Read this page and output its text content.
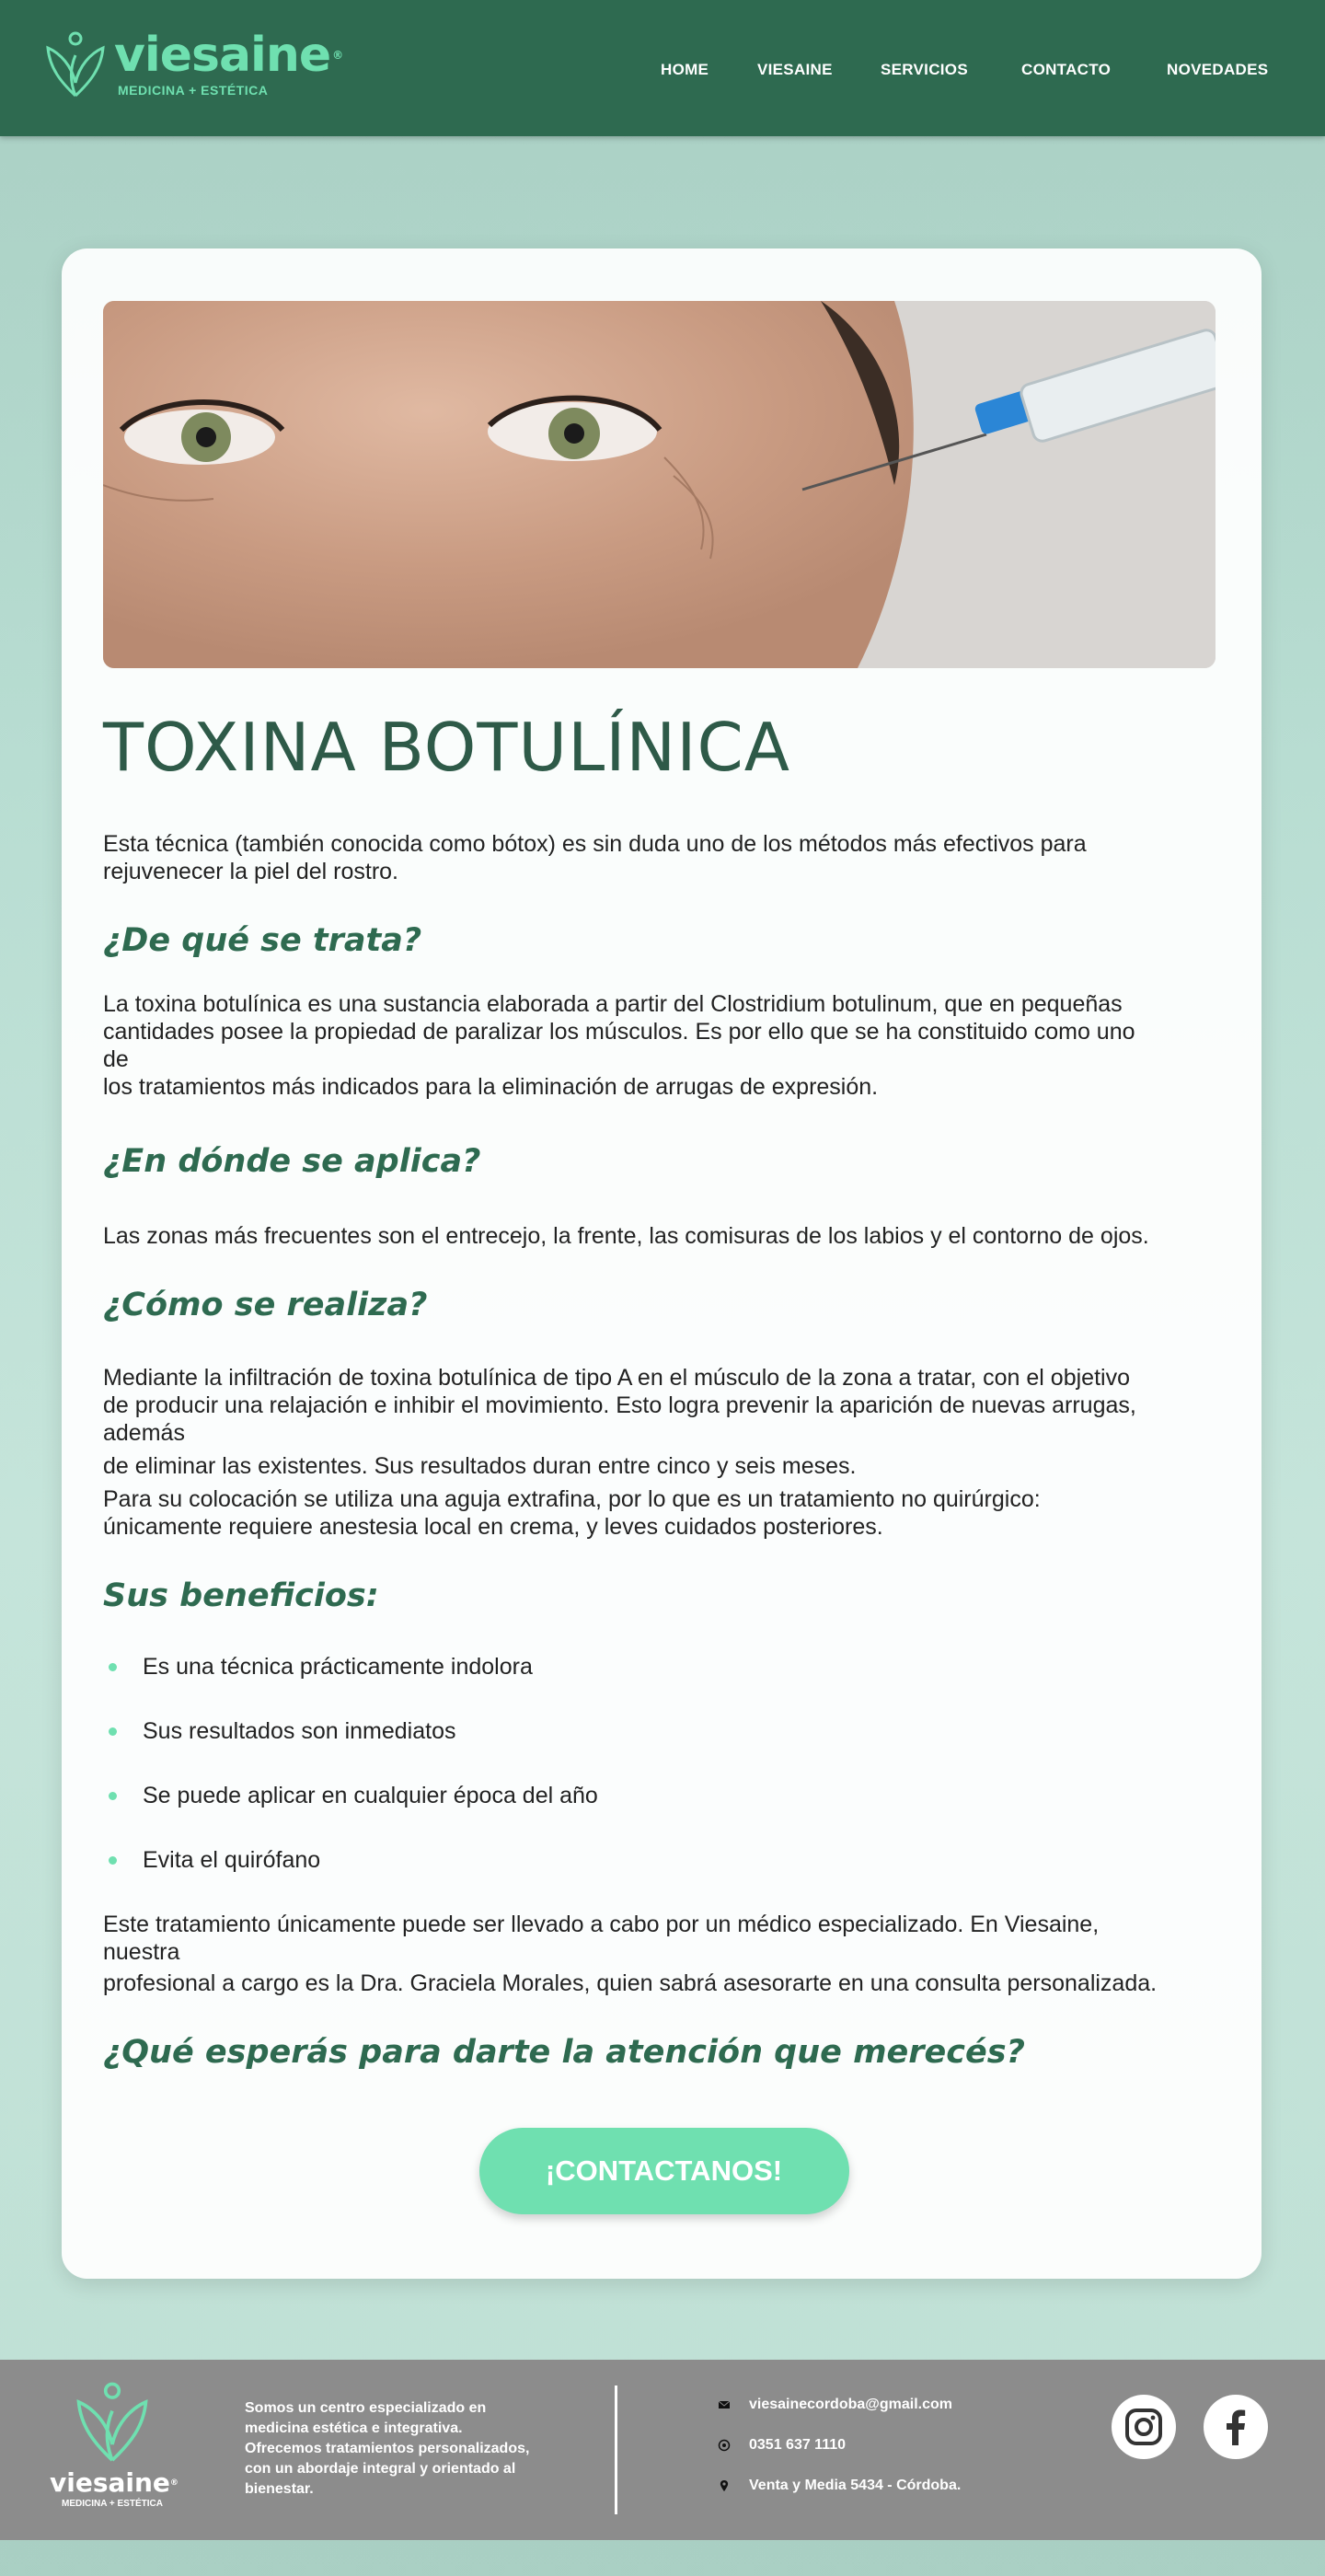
viesaine ®
MEDICINA + ESTÉTICA
HOME	VIESAINE	SERVICIOS	CONTACTO	NOVEDADES
TOXINA BOTULÍNICA
Esta técnica (también conocida como bótox) es sin duda uno de los métodos más efectivos para
rejuvenecer la piel del rostro.
¿De qué se trata?
La toxina botulínica es una sustancia elaborada a partir del Clostridium botulinum, que en pequeñas
cantidades posee la propiedad de paralizar los músculos. Es por ello que se ha constituido como uno
de
los tratamientos más indicados para la eliminación de arrugas de expresión.
¿En dónde se aplica?
Las zonas más frecuentes son el entrecejo, la frente, las comisuras de los labios y el contorno de ojos.
¿Cómo se realiza?
Mediante la infiltración de toxina botulínica de tipo A en el músculo de la zona a tratar, con el objetivo
de producir una relajación e inhibir el movimiento. Esto logra prevenir la aparición de nuevas arrugas,
además
de eliminar las existentes. Sus resultados duran entre cinco y seis meses.
Para su colocación se utiliza una aguja extrafina, por lo que es un tratamiento no quirúrgico:
únicamente requiere anestesia local en crema, y leves cuidados posteriores.
Sus beneficios:
Es una técnica prácticamente indolora
Sus resultados son inmediatos
Se puede aplicar en cualquier época del año
Evita el quirófano
Este tratamiento únicamente puede ser llevado a cabo por un médico especializado. En Viesaine,
nuestra
profesional a cargo es la Dra. Graciela Morales, quien sabrá asesorarte en una consulta personalizada.
¿Qué esperás para darte la atención que merecés?
¡CONTACTANOS!
viesaine®
MEDICINA + ESTÉTICA
Somos un centro especializado en
medicina estética e integrativa.
Ofrecemos tratamientos personalizados,
con un abordaje integral y orientado al
bienestar.
viesainecordoba@gmail.com
0351 637 1110
Venta y Media 5434 - Córdoba.
